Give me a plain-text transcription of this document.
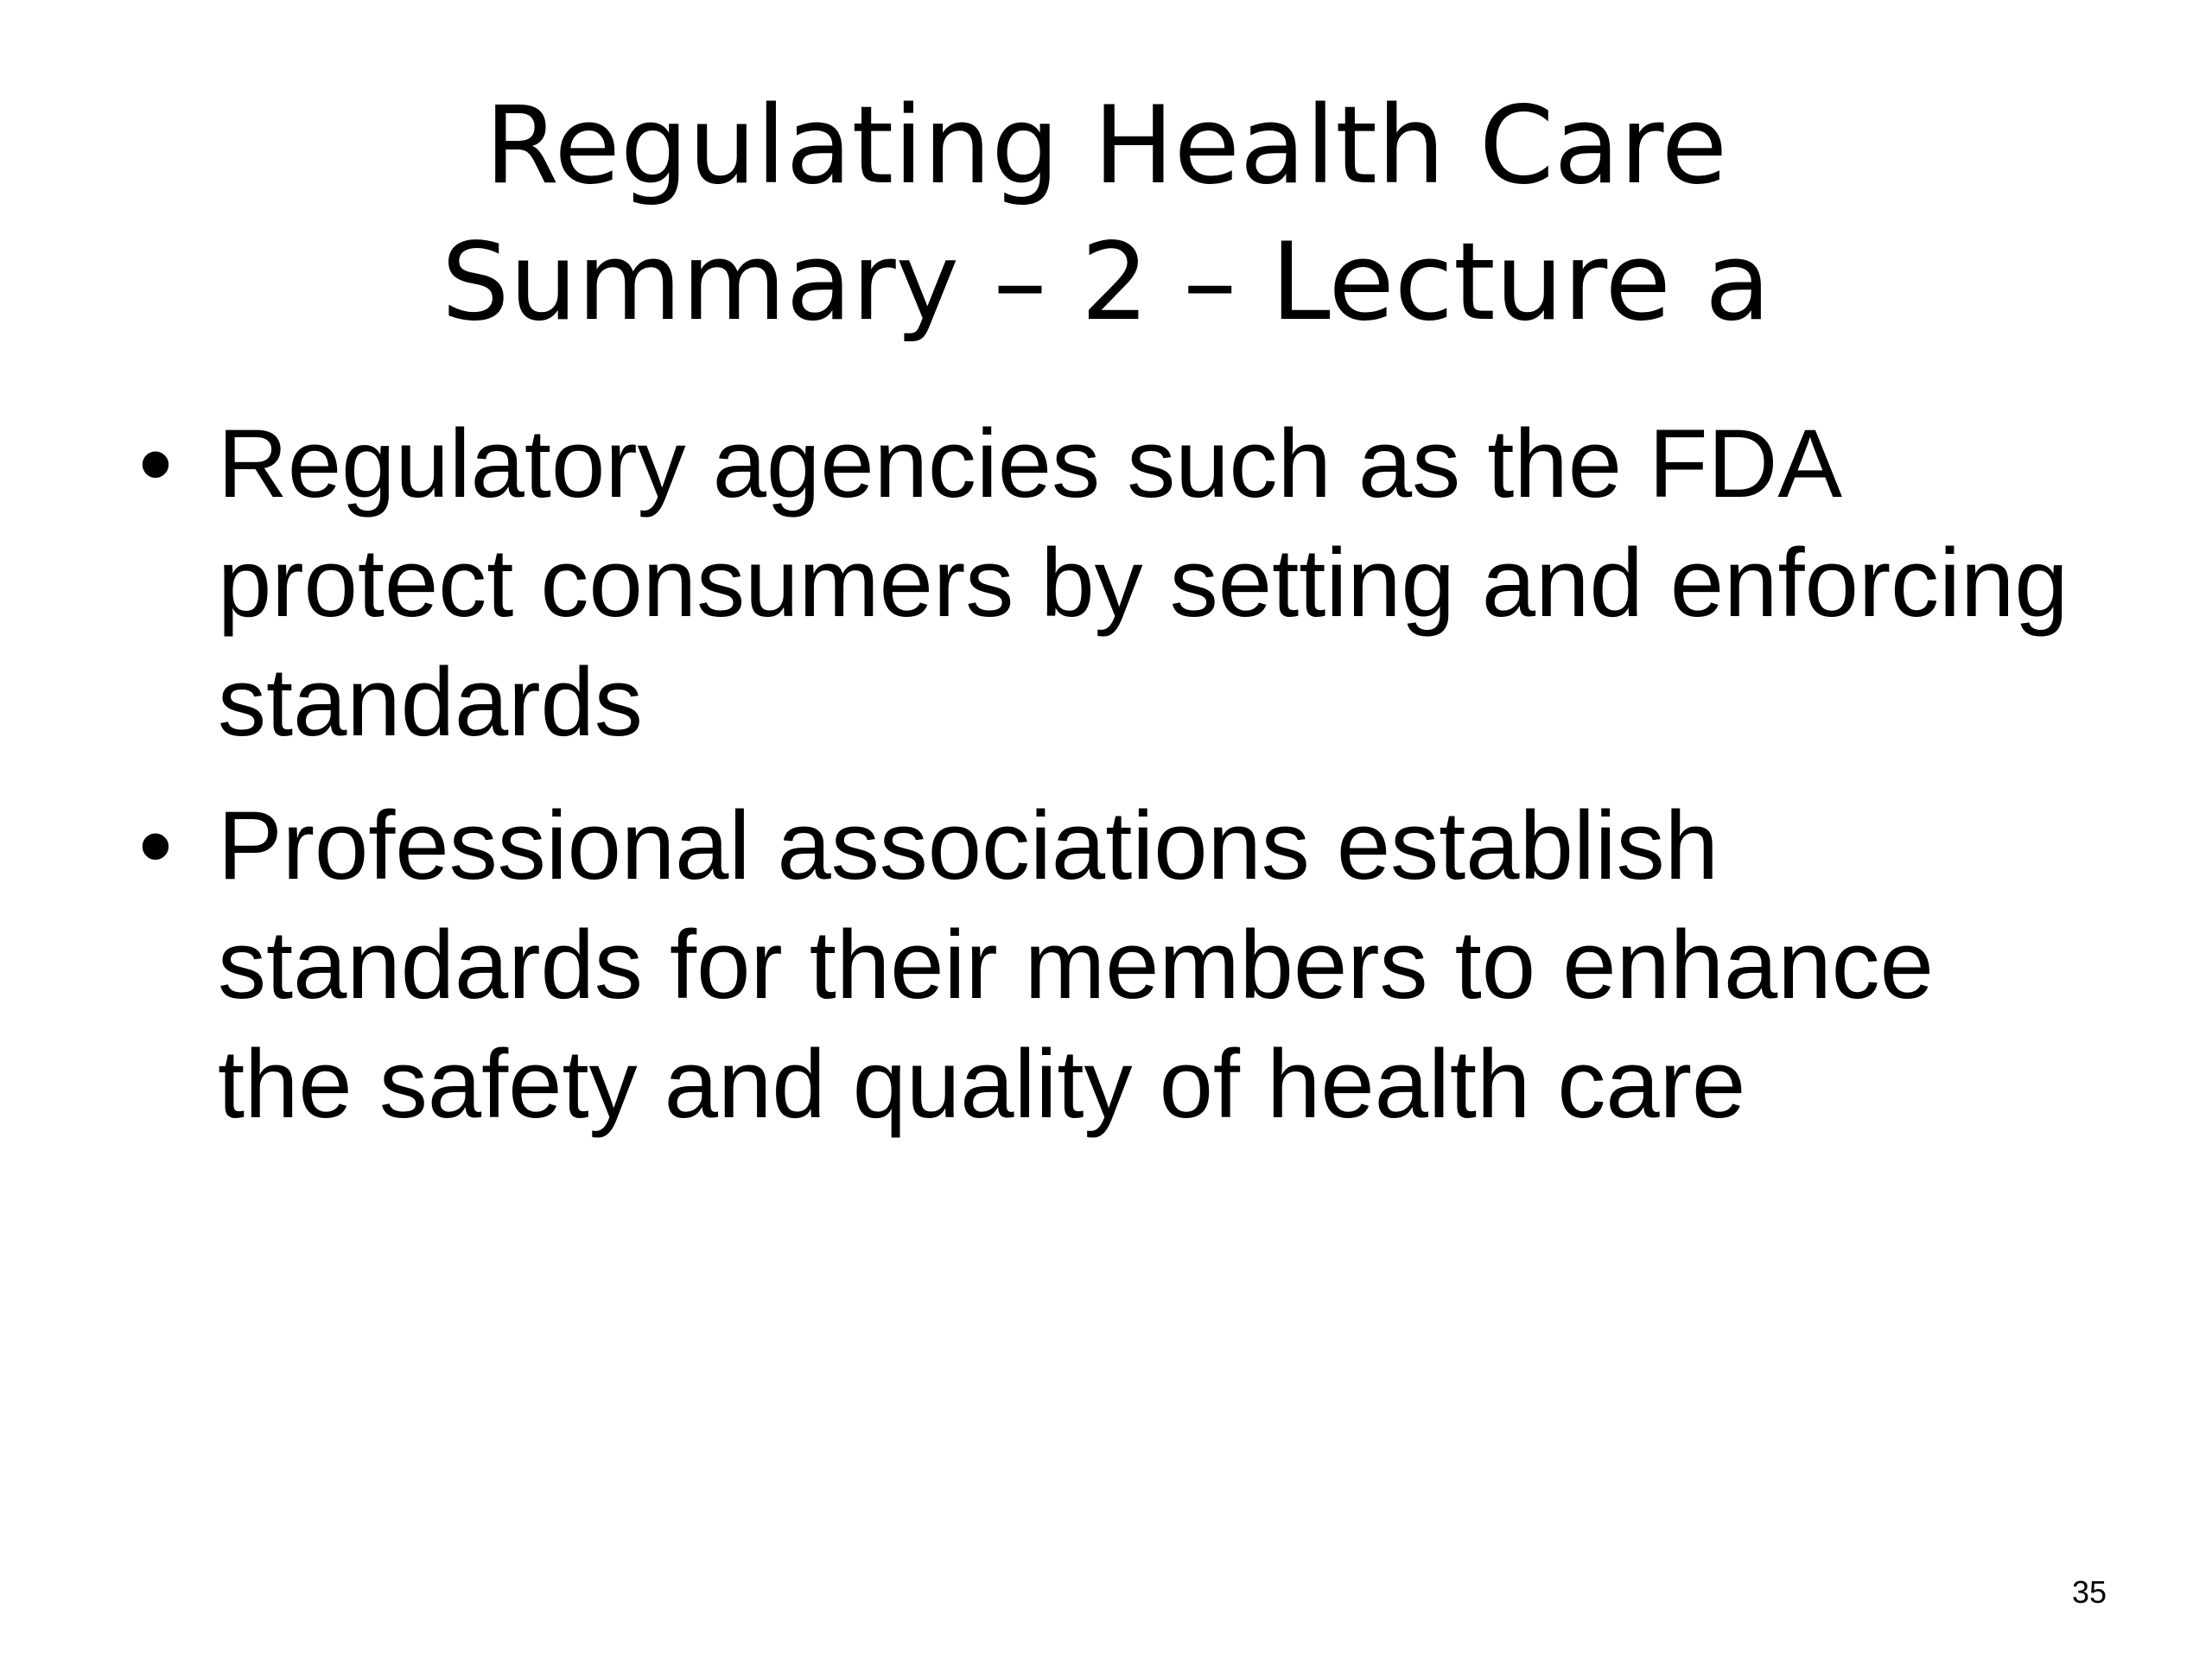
Regulating Health Care
Summary – 2 – Lecture a
• Regulatory agencies such as the FDA protect consumers by setting and enforcing standards
• Professional associations establish standards for their members to enhance the safety and quality of health care
35
